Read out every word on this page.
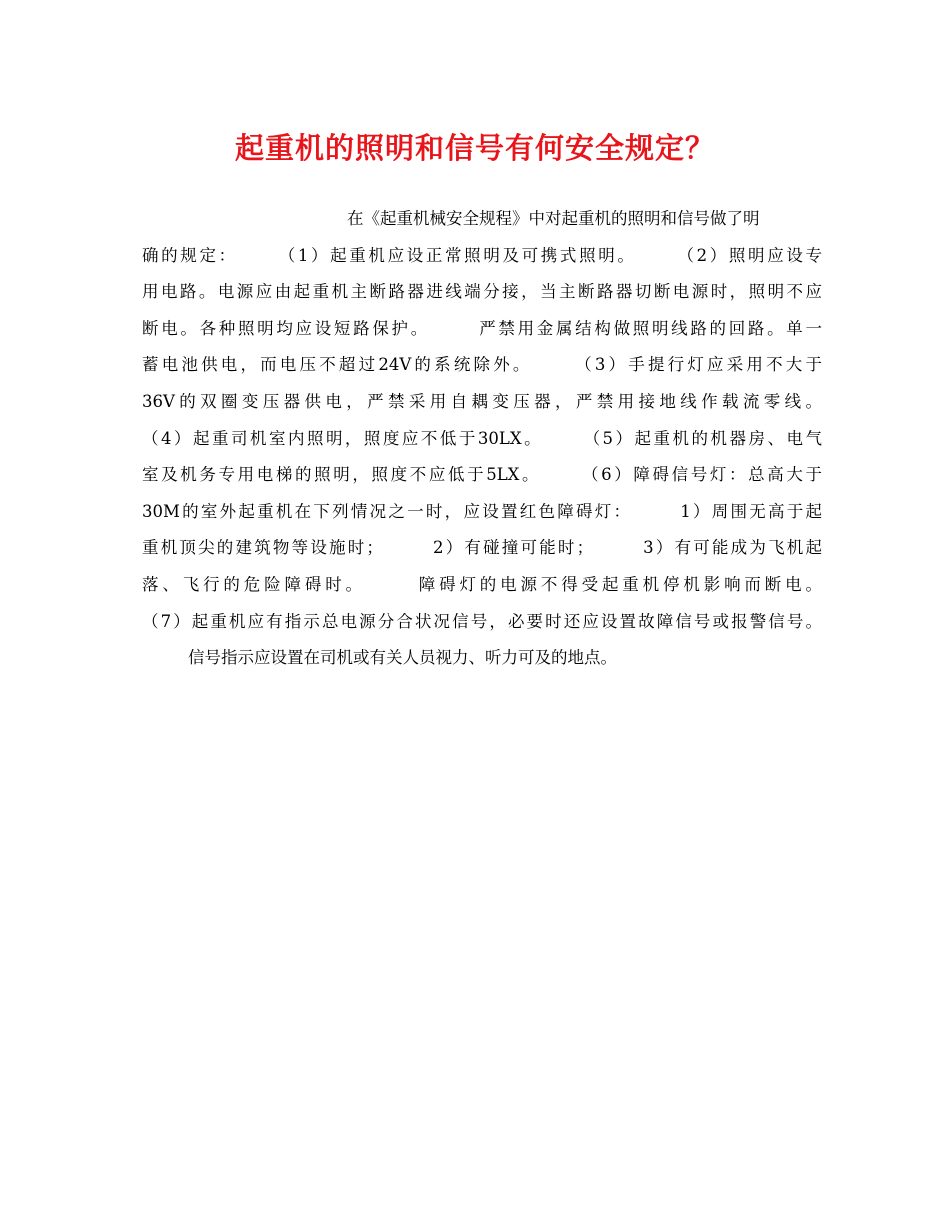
起重机的照明和信号有何安全规定？
在《起重机械安全规程》中对起重机的照明和信号做了明
确的规定：　　　（1）起重机应设正常照明及可携式照明。　　　（2）照明应设专
用电路。电源应由起重机主断路器进线端分接，当主断路器切断电源时，照明不应
断电。各种照明均应设短路保护。　　　严禁用金属结构做照明线路的回路。单一
蓄电池供电，而电压不超过24V的系统除外。　　　（3）手提行灯应采用不大于
36V的双圈变压器供电，严禁采用自耦变压器，严禁用接地线作载流零线。
（4）起重司机室内照明，照度应不低于30LX。　　　（5）起重机的机器房、电气
室及机务专用电梯的照明，照度不应低于5LX。　　　（6）障碍信号灯：总高大于
30M的室外起重机在下列情况之一时，应设置红色障碍灯：　　　1）周围无高于起
重机顶尖的建筑物等设施时；　　　2）有碰撞可能时；　　　3）有可能成为飞机起
落、飞行的危险障碍时。　　　障碍灯的电源不得受起重机停机影响而断电。
（7）起重机应有指示总电源分合状况信号，必要时还应设置故障信号或报警信号。
信号指示应设置在司机或有关人员视力、听力可及的地点。
